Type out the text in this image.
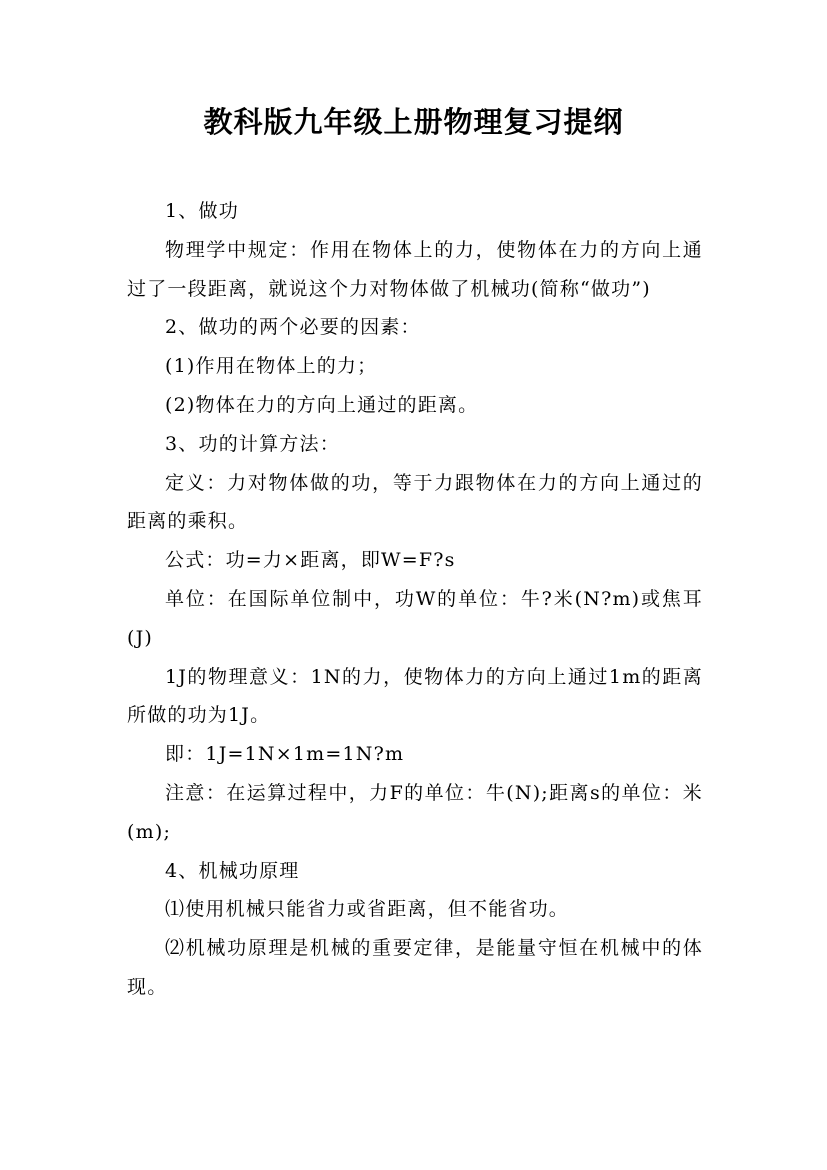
教科版九年级上册物理复习提纲

1、做功

物理学中规定：作用在物体上的力，使物体在力的方向上通过了一段距离，就说这个力对物体做了机械功(简称“做功”)

2、做功的两个必要的因素：

(1)作用在物体上的力；

(2)物体在力的方向上通过的距离。

3、功的计算方法：

定义：力对物体做的功，等于力跟物体在力的方向上通过的距离的乘积。

公式：功=力×距离，即W=F?s

单位：在国际单位制中，功W的单位：牛?米(N?m)或焦耳(J)

1J的物理意义：1N的力，使物体力的方向上通过1m的距离所做的功为1J。

即：1J=1N×1m=1N?m

注意：在运算过程中，力F的单位：牛(N);距离s的单位：米(m);

4、机械功原理

⑴使用机械只能省力或省距离，但不能省功。

⑵机械功原理是机械的重要定律，是能量守恒在机械中的体现。
